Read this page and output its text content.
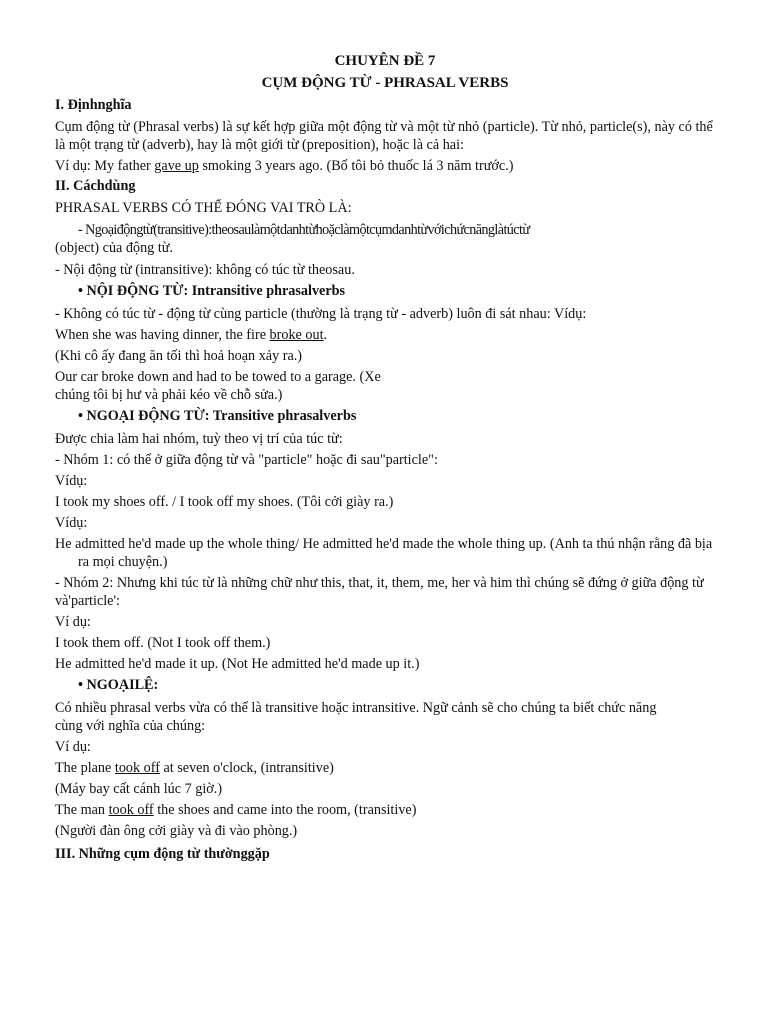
CHUYÊN ĐỀ 7
CỤM ĐỘNG TỪ - PHRASAL VERBS
I. Địnhnghĩa
Cụm động từ (Phrasal verbs) là sự kết hợp giữa một động từ và một từ nhỏ (particle). Từ nhỏ, particle(s), này có thể
là một trạng từ (adverb), hay là một giới từ (preposition), hoặc là cả hai:
Ví dụ: My father gave up smoking 3 years ago. (Bố tôi bỏ thuốc lá 3 năm trước.)
II. Cáchdùng
PHRASAL VERBS CÓ THỂ ĐÓNG VAI TRÒ LÀ:
- Ngoạiđộngtừ(transitive):theosaulàmộtdanhtừhoặclàmộtcụmdanhtừvớichứcnănglàtúctừ
(object) của động từ.
- Nội động từ (intransitive): không có túc từ theosau.
• NỘI ĐỘNG TỪ: Intransitive phrasalverbs
- Không có túc từ - động từ cùng particle (thường là trạng từ - adverb) luôn đi sát nhau: Vídụ:
When she was having dinner, the fire broke out.
(Khi cô ấy đang ăn tối thì hoả hoạn xảy ra.)
Our car broke down and had to be towed to a garage. (Xe
chúng tôi bị hư và phải kéo về chỗ sửa.)
• NGOẠI ĐỘNG TỪ: Transitive phrasalverbs
Được chia làm hai nhóm, tuỳ theo vị trí của túc từ:
- Nhóm 1: có thể ở giữa động từ và "particle" hoặc đi sau"particle":
Vídụ:
I took my shoes off. / I took off my shoes. (Tôi cởi giày ra.)
Vídụ:
He admitted he'd made up the whole thing/ He admitted he'd made the whole thing up. (Anh ta thú nhận rằng đã bịa ra mọi chuyện.)
- Nhóm 2: Nhưng khi túc từ là những chữ như this, that, it, them, me, her và him thì chúng sẽ đứng ở giữa động từ và'particle':
Ví dụ:
I took them off. (Not I took off them.)
He admitted he'd made it up. (Not He admitted he'd made up it.)
• NGOẠILỆ:
Có nhiều phrasal verbs vừa có thể là transitive hoặc intransitive. Ngữ cảnh sẽ cho chúng ta biết chức năng
cùng với nghĩa của chúng:
Ví dụ:
The plane took off at seven o'clock, (intransitive)
(Máy bay cất cánh lúc 7 giờ.)
The man took off the shoes and came into the room, (transitive)
(Người đàn ông cởi giày và đi vào phòng.)
III. Những cụm động từ thườnggặp
